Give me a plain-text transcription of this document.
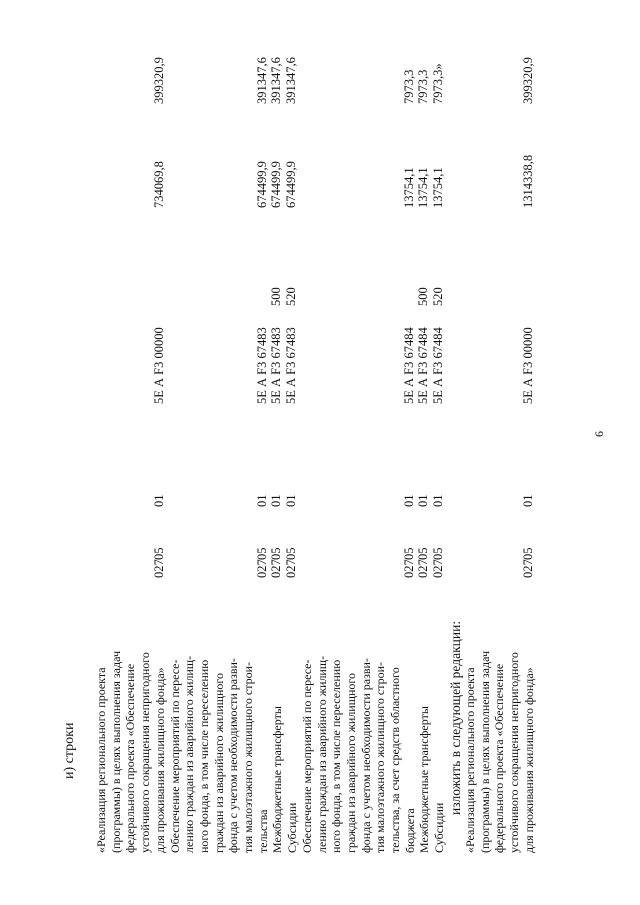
6
и) строки «Реализация регионального проекта (программы) в целях выполнения задач федерального проекта «Обеспечение устойчивого сокращения непригодного для проживания жилищного фонда»
027
05
01
5Е А F3 00000
734069,8
399320,9
Обеспечение мероприятий по пересе- лению граждан из аварийного жилищ- ного фонда, в том числе переселению граждан из аварийного жилищного фонда с учетом необходимости разви- тия малоэтажного жилищного строи- тельства
027
05
01
5Е А F3 67483
674499,9
391347,6
Межбюджетные трансферты
027
05
01
5Е А F3 67483
500
674499,9
391347,6
Субсидии
027
05
01
5Е А F3 67483
520
674499,9
391347,6
Обеспечение мероприятий по пересе- лению граждан из аварийного жилищ- ного фонда, в том числе переселению граждан из аварийного жилищного фонда с учетом необходимости разви- тия малоэтажного жилищного строи- тельства, за счет средств областного бюджета
027
05
01
5Е А F3 67484
13754,1
7973,3
Межбюджетные трансферты
027
05
01
5Е А F3 67484
500
13754,1
7973,3
Субсидии
027
05
01
5Е А F3 67484
520
13754,1
7973,3»
изложить в следующей редакции: «Реализация регионального проекта (программы) в целях выполнения задач федерального проекта «Обеспечение устойчивого сокращения непригодного для проживания жилищного фонда»
027
05
01
5Е А F3 00000
1314338,8
399320,9
